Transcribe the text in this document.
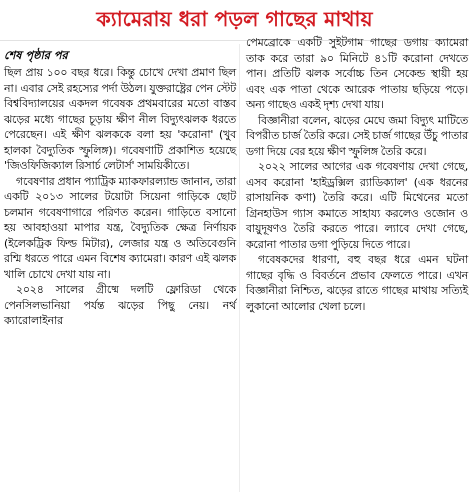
ক্যামেরায় ধরা পড়ল গাছের মাথায়
শেষ পৃষ্ঠার পর

ছিল প্রায় ১০০ বছর ধরে। কিন্তু চোখে দেখা প্রমাণ ছিল না। এবার সেই রহস্যের পর্দা উঠল। যুক্তরাষ্ট্রের পেন স্টেট বিশ্ববিদ্যালয়ের একদল গবেষক প্রথমবারের মতো বাস্তব ঝড়ের মধ্যে গাছের চূড়ায় ক্ষীণ নীল বিদ্যুৎঝলক ধরতে পেরেছেন। এই ক্ষীণ ঝলককে বলা হয় 'করোনা' (খুব হালকা বৈদ্যুতিক স্ফুলিঙ্গ)। গবেষণাটি প্রকাশিত হয়েছে 'জিওফিজিক্যাল রিসার্চ লেটার্স' সাময়িকীতে।

গবেষণার প্রধান প্যাট্রিক ম্যাকফারল্যান্ড জানান, তারা একটি ২০১৩ সালের টয়োটা সিয়েনা গাড়িকে ছোট চলমান গবেষণাগারে পরিণত করেন। গাড়িতে বসানো হয় আবহাওয়া মাপার যন্ত্র, বৈদ্যুতিক ক্ষেত্র নির্ণায়ক (ইলেকট্রিক ফিল্ড মিটার), লেজার যন্ত্র ও অতিবেগুনি রশ্মি ধরতে পারে এমন বিশেষ ক্যামেরা। কারণ এই ঝলক খালি চোখে দেখা যায় না।

২০২৪ সালের গ্রীষ্মে দলটি ফ্লোরিডা থেকে পেনসিলভানিয়া পর্যন্ত ঝড়ের পিছু নেয়। নর্থ ক্যারোলাইনার

পেমব্রোকে একটি সুইটগাম গাছের ডগায় ক্যামেরা তাক করে তারা ৯০ মিনিটে ৪১টি করোনা দেখতে পান। প্রতিটি ঝলক সর্বোচ্চ তিন সেকেন্ড স্থায়ী হয় এবং এক পাতা থেকে আরেক পাতায় ছড়িয়ে পড়ে। অন্য গাছেও একই দৃশ্য দেখা যায়।

বিজ্ঞানীরা বলেন, ঝড়ের মেঘে জমা বিদ্যুৎ মাটিতে বিপরীত চার্জ তৈরি করে। সেই চার্জ গাছের উঁচু পাতার ডগা দিয়ে বের হয়ে ক্ষীণ স্ফুলিঙ্গ তৈরি করে।

২০২২ সালের আগের এক গবেষণায় দেখা গেছে, এসব করোনা 'হাইড্রক্সিল র‍্যাডিক্যাল' (এক ধরনের রাসায়নিক কণা) তৈরি করে। এটি মিথেনের মতো গ্রিনহাউস গ্যাস কমাতে সাহায্য করলেও ওজোন ও বায়ুদূষণও তৈরি করতে পারে। ল্যাবে দেখা গেছে, করোনা পাতার ডগা পুড়িয়ে দিতে পারে।

গবেষকদের ধারণা, বহু বছর ধরে এমন ঘটনা গাছের বৃদ্ধি ও বিবর্তনে প্রভাব ফেলতে পারে। এখন বিজ্ঞানীরা নিশ্চিত, ঝড়ের রাতে গাছের মাথায় সত্যিই লুকানো আলোর খেলা চলে।
